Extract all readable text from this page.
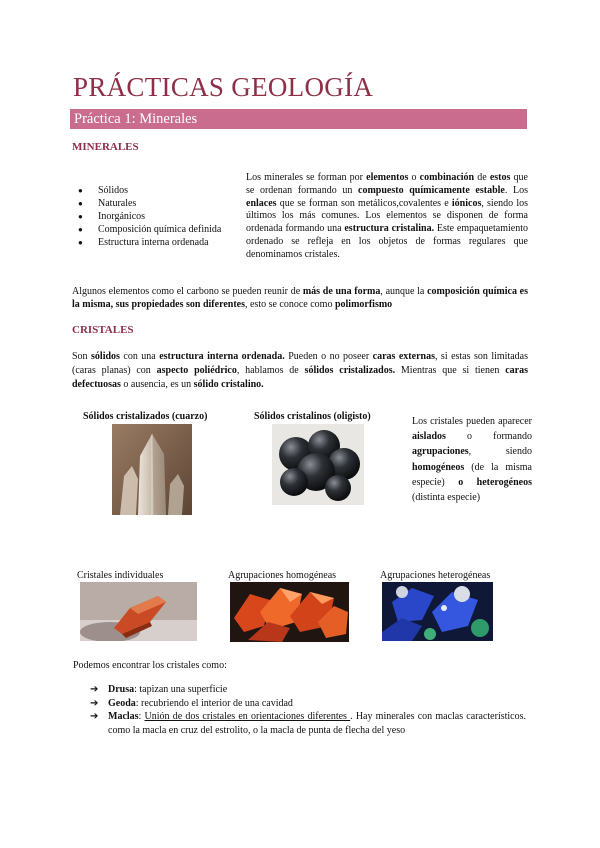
PRÁCTICAS GEOLOGÍA
Práctica 1: Minerales
MINERALES
● Sólidos
● Naturales
● Inorgánicos
● Composición química definida
● Estructura interna ordenada
Los minerales se forman por elementos o combinación de estos que se ordenan formando un compuesto químicamente estable. Los enlaces que se forman son metálicos,covalentes e iónicos, siendo los últimos los más comunes. Los elementos se disponen de forma ordenada formando una estructura cristalina. Este empaquetamiento ordenado se refleja en los objetos de formas regulares que denominamos cristales.
Algunos elementos como el carbono se pueden reunir de más de una forma, aunque la composición química es la misma, sus propiedades son diferentes, esto se conoce como polimorfismo
CRISTALES
Son sólidos con una estructura interna ordenada. Pueden o no poseer caras externas, si estas son limitadas (caras planas) con aspecto poliédrico, hablamos de sólidos cristalizados. Mientras que si tienen caras defectuosas o ausencia, es un sólido cristalino.
Sólidos cristalizados (cuarzo)	Sólidos cristalinos (oligisto)	Los cristales pueden aparecer aislados o formando agrupaciones, siendo homogéneos (de la misma especie) o heterogéneos (distinta especie)
Cristales individuales	Agrupaciones homogéneas	Agrupaciones heterogéneas
Podemos encontrar los cristales como:
➔ Drusa: tapizan una superficie
➔ Geoda: recubriendo el interior de una cavidad
➔ Maclas: Unión de dos cristales en orientaciones diferentes . Hay minerales con maclas característicos. como la macla en cruz del estrolito, o la macla de punta de flecha del yeso
